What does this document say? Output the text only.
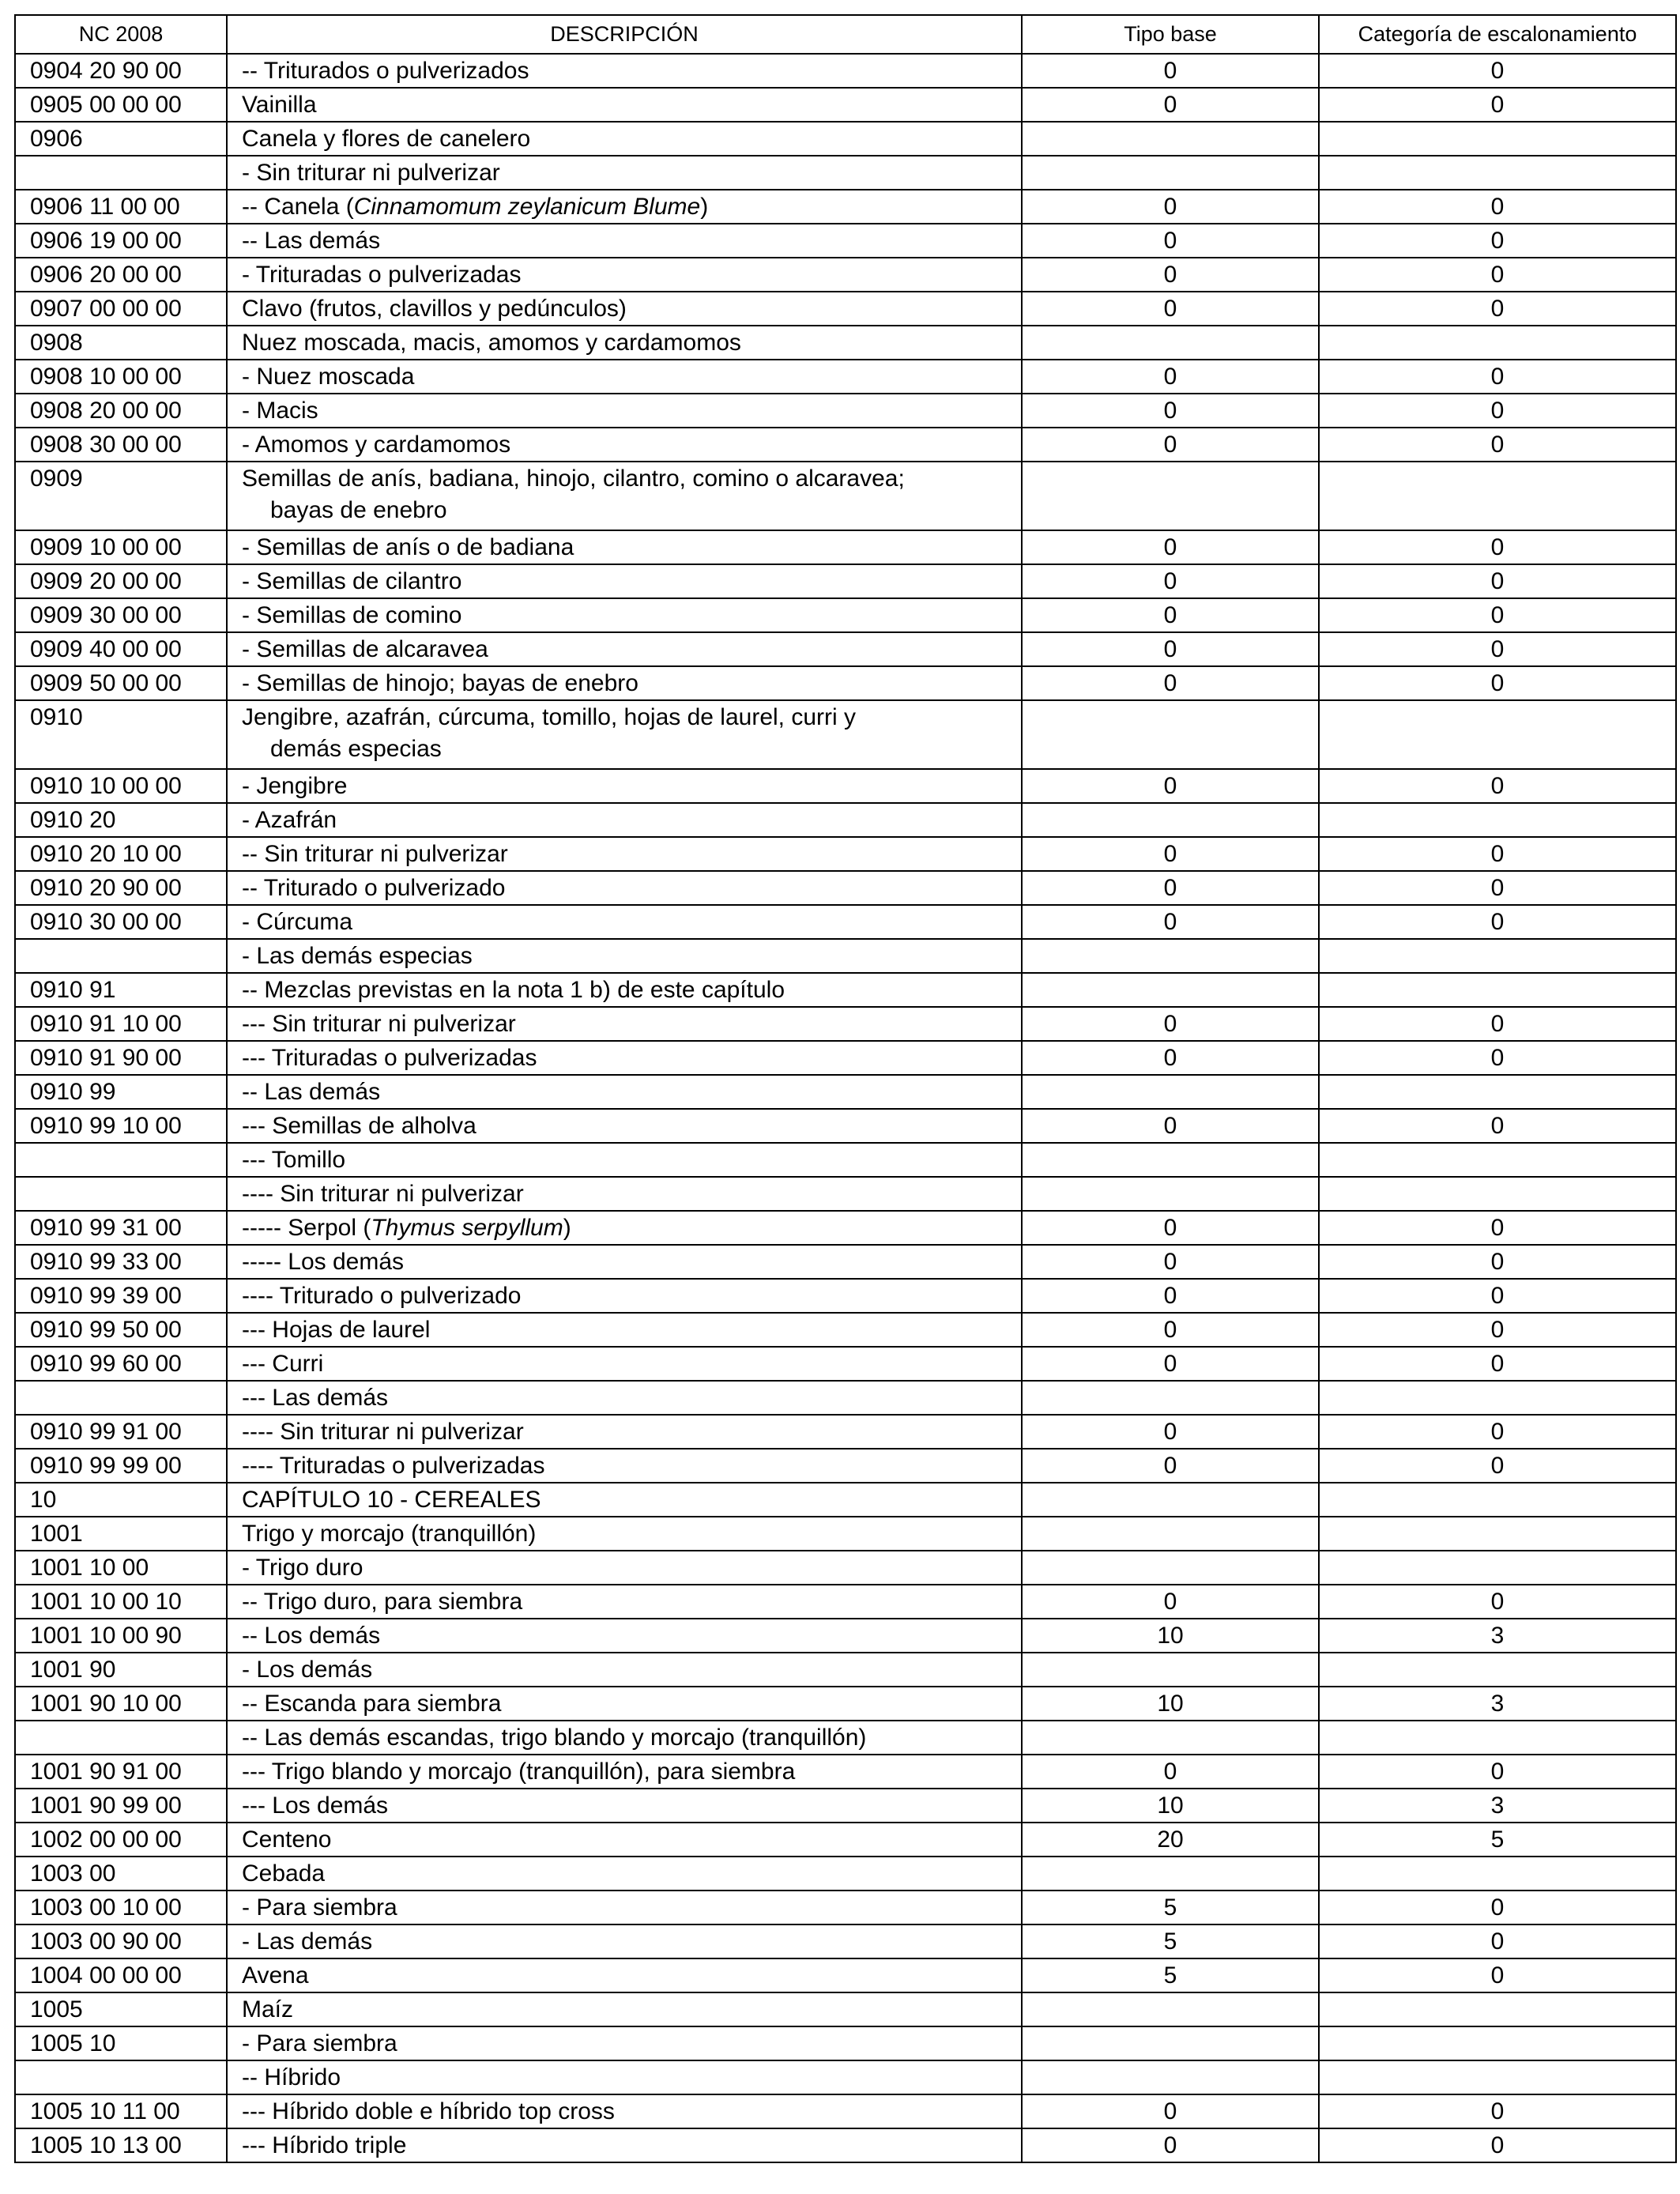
NC 2008	DESCRIPCIÓN	Tipo base	Categoría de escalonamiento
0904 20 90 00	-- Triturados o pulverizados	0	0
0905 00 00 00	Vainilla	0	0
0906	Canela y flores de canelero		
	- Sin triturar ni pulverizar		
0906 11 00 00	-- Canela (Cinnamomum zeylanicum Blume)	0	0
0906 19 00 00	-- Las demás	0	0
0906 20 00 00	- Trituradas o pulverizadas	0	0
0907 00 00 00	Clavo (frutos, clavillos y pedúnculos)	0	0
0908	Nuez moscada, macis, amomos y cardamomos		
0908 10 00 00	- Nuez moscada	0	0
0908 20 00 00	- Macis	0	0
0908 30 00 00	- Amomos y cardamomos	0	0
0909	Semillas de anís, badiana, hinojo, cilantro, comino o alcaravea;
bayas de enebro		

0909 10 00 00	- Semillas de anís o de badiana	0	0
0909 20 00 00	- Semillas de cilantro	0	0
0909 30 00 00	- Semillas de comino	0	0
0909 40 00 00	- Semillas de alcaravea	0	0
0909 50 00 00	- Semillas de hinojo; bayas de enebro	0	0
0910	Jengibre, azafrán, cúrcuma, tomillo, hojas de laurel, curri y
demás especias		

0910 10 00 00	- Jengibre	0	0
0910 20	- Azafrán		
0910 20 10 00	-- Sin triturar ni pulverizar	0	0
0910 20 90 00	-- Triturado o pulverizado	0	0
0910 30 00 00	- Cúrcuma	0	0
	- Las demás especias		
0910 91	-- Mezclas previstas en la nota 1 b) de este capítulo		
0910 91 10 00	--- Sin triturar ni pulverizar	0	0
0910 91 90 00	--- Trituradas o pulverizadas	0	0
0910 99	-- Las demás		
0910 99 10 00	--- Semillas de alholva	0	0
	--- Tomillo		
	---- Sin triturar ni pulverizar		
0910 99 31 00	----- Serpol (Thymus serpyllum)	0	0
0910 99 33 00	----- Los demás	0	0
0910 99 39 00	---- Triturado o pulverizado	0	0
0910 99 50 00	--- Hojas de laurel	0	0
0910 99 60 00	--- Curri	0	0
	--- Las demás		
0910 99 91 00	---- Sin triturar ni pulverizar	0	0
0910 99 99 00	---- Trituradas o pulverizadas	0	0
10	CAPÍTULO 10 - CEREALES		
1001	Trigo y morcajo (tranquillón)		
1001 10 00	- Trigo duro		
1001 10 00 10	-- Trigo duro, para siembra	0	0
1001 10 00 90	-- Los demás	10	3
1001 90	- Los demás		
1001 90 10 00	-- Escanda para siembra	10	3
	-- Las demás escandas, trigo blando y morcajo (tranquillón)		
1001 90 91 00	--- Trigo blando y morcajo (tranquillón), para siembra	0	0
1001 90 99 00	--- Los demás	10	3
1002 00 00 00	Centeno	20	5
1003 00	Cebada		
1003 00 10 00	- Para siembra	5	0
1003 00 90 00	- Las demás	5	0
1004 00 00 00	Avena	5	0
1005	Maíz		
1005 10	- Para siembra		
	-- Híbrido		
1005 10 11 00	--- Híbrido doble e híbrido top cross	0	0
1005 10 13 00	--- Híbrido triple	0	0
